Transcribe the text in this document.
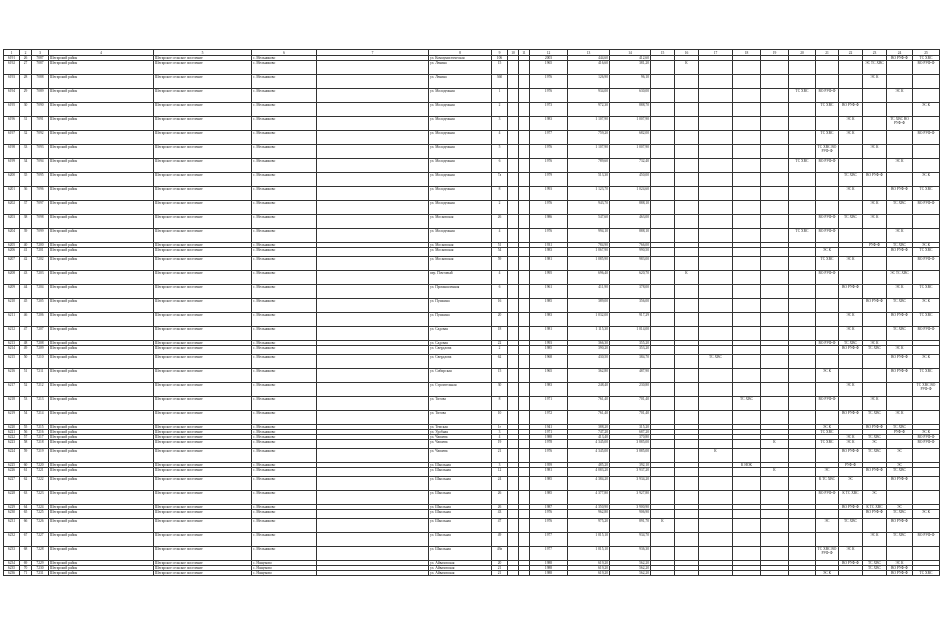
1	2	3	4	5	6	7	8	9	10	11	12	13	14	15	16	17	18	19	20	21	22	23	24	25
6191	26	7087	Шегарский район	Шегарское сельское поселение	с. Мельниково		ул. Коммунистическая	106			2003	444,60	412,60										ВО РУФ-Ф	ТС ХВС
6192	27	7087	Шегарский район	Шегарское сельское поселение	с. Мельниково		ул. Ленина	15			1965	416,60	381,20		К							ЭС ТС ХВС		ВО РУФ-Ф
6193	28	7088	Шегарский район	Шегарское сельское поселение	с. Мельниково		ул. Ленина	360			1976	126,90	96,10									ЭС К		
6194	29	7089	Шегарский район	Шегарское сельское поселение	с. Мельниково		ул. Молодежная	1			1976	934,00	630,00						ТС ХВС	ВО РУФ-Ф			ЭС К	
6195	30	7090	Шегарский район	Шегарское сельское поселение	с. Мельниково		ул. Молодежная	2			1973	972,30	888,70							ТС ХВС	ВО РУФ-Ф			ЭС К
6196	31	7091	Шегарский район	Шегарское сельское поселение	с. Мельниково		ул. Молодежная	3			1983	1 107,90	1 007,90								ЭС К		ТС ХВС ВО РУФ-Ф	
6197	32	7092	Шегарский район	Шегарское сельское поселение	с. Мельниково		ул. Молодежная	4			1977	759,20	682,00							ТС ХВС	ЭС К			ВО РУФ-Ф
6198	33	7093	Шегарский район	Шегарское сельское поселение	с. Мельниково		ул. Молодежная	5			1976	1 107,90	1 007,90							ТС ХВС ВО РУФ-Ф		ЭС К		
6199	34	7094	Шегарский район	Шегарское сельское поселение	с. Мельниково		ул. Молодежная	6			1976	789,60	732,40						ТС ХВС	ВО РУФ-Ф			ЭС К	
6200	35	7095	Шегарский район	Шегарское сельское поселение	с. Мельниково		ул. Молодежная	7а			1979	513,30	450,00								ТС ХВС	ВО РУФ-Ф		ЭС К
6201	36	7096	Шегарский район	Шегарское сельское поселение	с. Мельниково		ул. Молодежная	8			1993	1 123,70	1 024,60								ЭС К		ВО РУФ-Ф	ТС ХВС
6202	37	7097	Шегарский район	Шегарское сельское поселение	с. Мельниково		ул. Молодежная	2			1976	943,70	888,10									ЭС К	ТС ХВС	ВО РУФ-Ф
6203	38	7098	Шегарский район	Шегарское сельское поселение	с. Мельниково		ул. Московская	26			1986	547,60	463,00							ВО РУФ-Ф	ТС ХВС	ЭС К		
6204	39	7099	Шегарский район	Шегарское сельское поселение	с. Мельниково		ул. Молодежная	4			1976	994,10	888,10						ТС ХВС	ВО РУФ-Ф			ЭС К	
6205	40	7200	Шегарский район	Шегарское сельское поселение	с. Мельниково		ул. Московская	51			1931	784,90	766,00									РУФ-Ф	ТС ХВС	ЭС К
6206	41	7201	Шегарский район	Шегарское сельское поселение	с. Мельниково		ул. Московская	54			1983	1 067,90	990,50							ЭС К			ВО РУФ-Ф	ТС ХВС
6207	42	7202	Шегарский район	Шегарское сельское поселение	с. Мельниково		ул. Московская	59			1981	1 085,90	983,00							ТС ХВС	ЭС К			ВО РУФ-Ф
6208	43	7203	Шегарский район	Шегарское сельское поселение	с. Мельниково		пер. Почтовый	4			1995	696,40	620,70		К					ВО РУФ-Ф			ЭС ТС ХВС	
6209	44	7204	Шегарский район	Шегарское сельское поселение	с. Мельниково		ул. Промышленная	6			1961	411,90	378,00								ВО РУФ-Ф		ЭС К	ТС ХВС
6210	45	7205	Шегарский район	Шегарское сельское поселение	с. Мельниково		ул. Пушкина	16			1985	389,00	356,00									ВО РУФ-Ф	ТС ХВС	ЭС К
6211	46	7206	Шегарский район	Шегарское сельское поселение	с. Мельниково		ул. Пушкина	20			1983	1 032,00	917,29								ЭС К		ВО РУФ-Ф	ТС ХВС
6212	47	7207	Шегарский район	Шегарское сельское поселение	с. Мельниково		ул. Садовая	18			1981	1 115,30	1 014,00								ЭС К		ТС ХВС	ВО РУФ-Ф
6213	48	7208	Шегарский район	Шегарское сельское поселение	с. Мельниково		ул. Садовая	22			1993	366,30	355,20							ВО РУФ-Ф	ТС ХВС	ЭС К		
6214	49	7209	Шегарский район	Шегарское сельское поселение	с. Мельниково		ул. Свердлова	2			1985	390,20	353,20								ВО РУФ-Ф	ТС ХВС	ЭС К	
6215	50	7210	Шегарский район	Шегарское сельское поселение	с. Мельниково		ул. Свердлова	62			1968	430,50	384,70			ТС ХВС							ВО РУФ-Ф	ЭС К
6216	51	7211	Шегарский район	Шегарское сельское поселение	с. Мельниково		ул. Сибирская	15			1965	362,80	487,90							ЭС К			ВО РУФ-Ф	ТС ХВС
6217	52	7212	Шегарский район	Шегарское сельское поселение	с. Мельниково		ул. Строительная	30			1983	248,40	230,80								ЭС К			ТС ХВС ВО РУФ-Ф
6218	53	7213	Шегарский район	Шегарское сельское поселение	с. Мельниково		ул. Титова	8			1971	761,40	701,40				ТС ХВС			ВО РУФ-Ф		ЭС К		
6219	54	7214	Шегарский район	Шегарское сельское поселение	с. Мельниково		ул. Титова	10			1972	761,40	701,40								ВО РУФ-Ф	ТС ХВС	ЭС К	
6220	55	7215	Шегарский район	Шегарское сельское поселение	с. Мельниково		ул. Темская	1г			1941	388,20	315,20							ЭС К		ВО РУФ-Ф	ТС ХВС	
6221	56	7216	Шегарский район	Шегарское сельское поселение	с. Мельниково		ул. Удобная	3			1971	747,20	687,20							ТС ХВС			РУФ-Ф	ЭС К
6222	57	7217	Шегарский район	Шегарское сельское поселение	с. Мельниково		ул. Чапаева	4			1988	413,40	370,80								ЭС К	ТС ХВС		ВО РУФ-Ф
6223	58	7218	Шегарский район	Шегарское сельское поселение	с. Мельниково		ул. Чапаева	19			1978	4 345,00	3 885,00					К		ТС ХВС	ЭС К	ЭС		ВО РУФ-Ф
6224	59	7219	Шегарский район	Шегарское сельское поселение	с. Мельниково		ул. Чапаева	21			1976	4 345,00	3 885,00			К					ВО РУФ-Ф	ТС ХВС	ЭС	
6225	60	7220	Шегарский район	Шегарское сельское поселение	с. Мельниково		ул. Школьная	3			1959	485,20	392,10				К НОК				РУФ-Ф		ЭС	
6226	61	7221	Шегарский район	Шегарское сельское поселение	с. Мельниково		ул. Школьная	12			1981	4 083,20	3 937,20					К		ЭС		ВО РУФ-Ф	ТС ХВС	
6227	62	7222	Шегарский район	Шегарское сельское поселение	с. Мельниково		ул. Школьная	24			1985	4 384,20	3 934,20							К ТС ХВС	ЭС		ВО РУФ-Ф	
6228	63	7223	Шегарский район	Шегарское сельское поселение	с. Мельниково		ул. Школьная	26			1985	4 377,80	3 927,80							ВО РУФ-Ф	К ТС ХВС	ЭС		
6229	64	7224	Шегарский район	Шегарское сельское поселение	с. Мельниково		ул. Школьная	26			1987	4 350,90	3 900,90								ВО РУФ-Ф	К ТС ХВС	ЭС	
6230	65	7225	Шегарский район	Шегарское сельское поселение	с. Мельниково		ул. Школьная	43			1976	962,80	906,90									ВО РУФ-Ф	ТС ХВС	ЭС К
6231	66	7226	Шегарский район	Шегарское сельское поселение	с. Мельниково		ул. Школьная	47			1976	975,20	891,70	К						ЭС	ТС ХВС		ВО РУФ-Ф	
6232	67	7227	Шегарский район	Шегарское сельское поселение	с. Мельниково		ул. Школьная	49			1977	1 015,10	934,70									ЭС К	ТС ХВС	ВО РУФ-Ф
6233	68	7228	Шегарский район	Шегарское сельское поселение	с. Мельниково		ул. Школьная	49а			1977	1 015,10	936,30							ТС ХВС ВО РУФ-Ф	ЭС К			
6234	69	7229	Шегарский район	Шегарское сельское поселение	с. Нащеково		ул. Айвазовская	20			1988	619,20	562,20								ВО РУФ-Ф	ТС ХВС	ЭС К	
6235	70	7230	Шегарский район	Шегарское сельское поселение	с. Нащеково		ул. Айвазовская	21			1988	619,20	562,20									ТС ХВС	ВО РУФ-Ф	
6236	71	7231	Шегарский район	Шегарское сельское поселение	с. Нащеково		ул. Айвазовская	21			1988	619,20	562,20							ЭС К			ВО РУФ-Ф	ТС ХВС
